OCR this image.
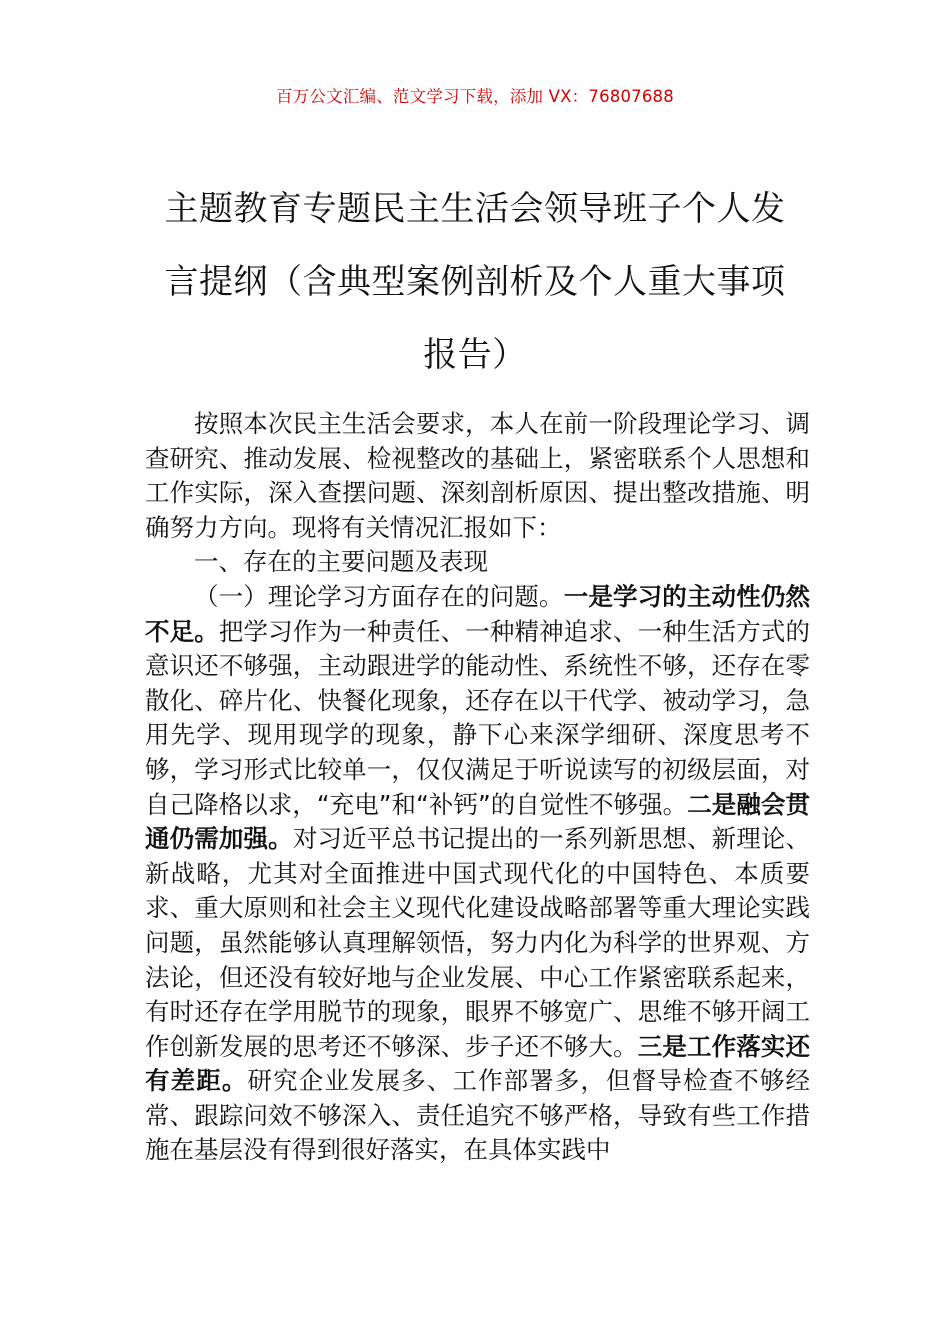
百万公文汇编、范文学习下载，添加 VX：76807688
主题教育专题民主生活会领导班子个人发言提纲（含典型案例剖析及个人重大事项报告）

按照本次民主生活会要求，本人在前一阶段理论学习、调查研究、推动发展、检视整改的基础上，紧密联系个人思想和工作实际，深入查摆问题、深刻剖析原因、提出整改措施、明确努力方向。现将有关情况汇报如下：

一、存在的主要问题及表现

（一）理论学习方面存在的问题。一是学习的主动性仍然不足。把学习作为一种责任、一种精神追求、一种生活方式的意识还不够强，主动跟进学的能动性、系统性不够，还存在零散化、碎片化、快餐化现象，还存在以干代学、被动学习，急用先学、现用现学的现象，静下心来深学细研、深度思考不够，学习形式比较单一，仅仅满足于听说读写的初级层面，对自己降格以求，“充电”和“补钙”的自觉性不够强。二是融会贯通仍需加强。对习近平总书记提出的一系列新思想、新理论、新战略，尤其对全面推进中国式现代化的中国特色、本质要求、重大原则和社会主义现代化建设战略部署等重大理论实践问题，虽然能够认真理解领悟，努力内化为科学的世界观、方法论，但还没有较好地与企业发展、中心工作紧密联系起来，有时还存在学用脱节的现象，眼界不够宽广、思维不够开阔工作创新发展的思考还不够深、步子还不够大。三是工作落实还有差距。研究企业发展多、工作部署多，但督导检查不够经常、跟踪问效不够深入、责任追究不够严格，导致有些工作措施在基层没有得到很好落实，在具体实践中
